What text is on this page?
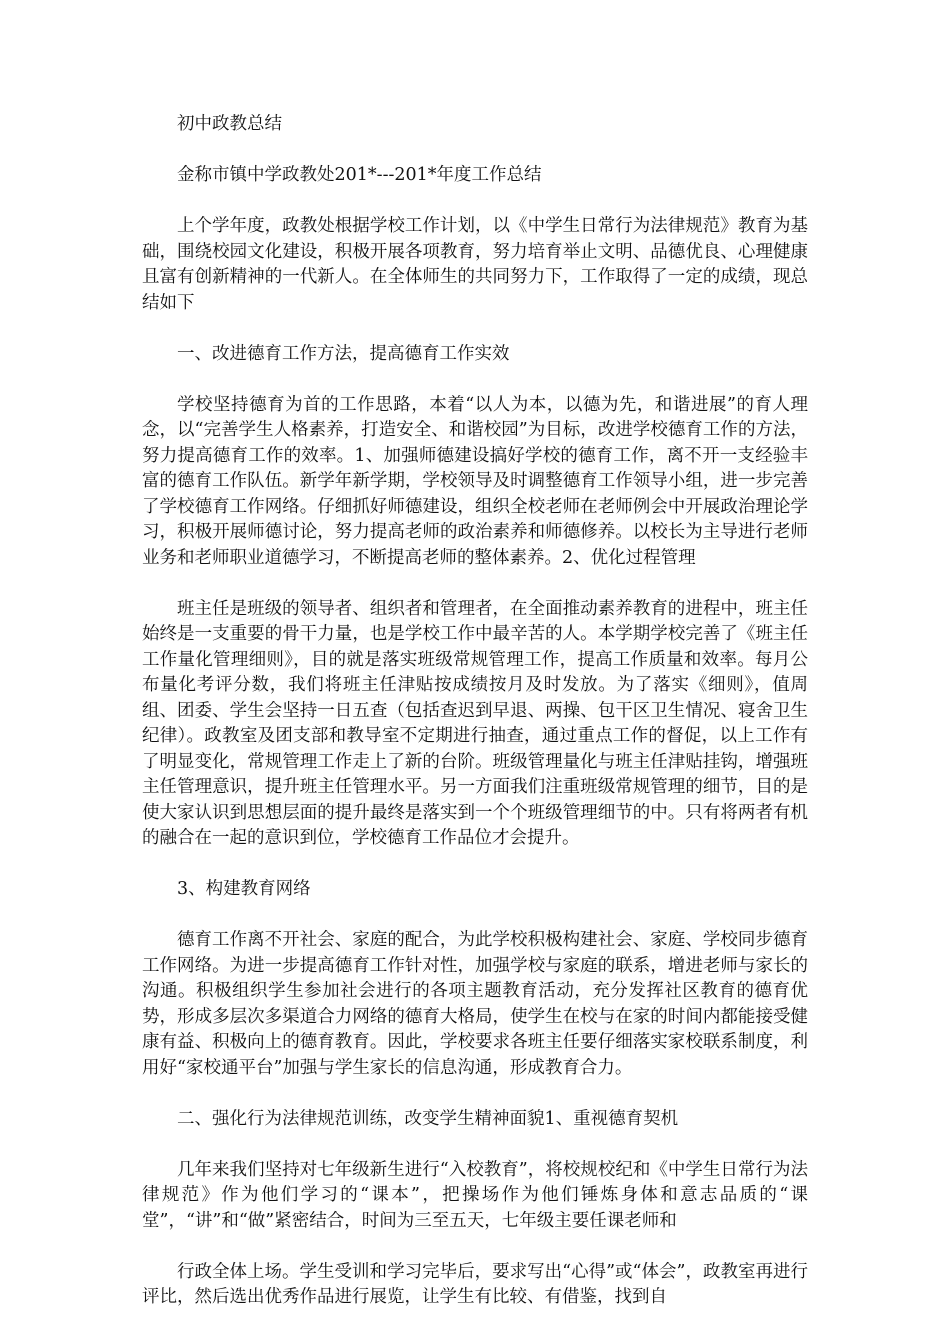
初中政教总结

金称市镇中学政教处201*---201*年度工作总结

上个学年度，政教处根据学校工作计划，以《中学生日常行为法律规范》教育为基础，围绕校园文化建设，积极开展各项教育，努力培育举止文明、品德优良、心理健康且富有创新精神的一代新人。在全体师生的共同努力下，工作取得了一定的成绩，现总结如下

一、改进德育工作方法，提高德育工作实效

学校坚持德育为首的工作思路，本着“以人为本，以德为先，和谐进展”的育人理念，以“完善学生人格素养，打造安全、和谐校园”为目标，改进学校德育工作的方法，努力提高德育工作的效率。1、加强师德建设搞好学校的德育工作，离不开一支经验丰富的德育工作队伍。新学年新学期，学校领导及时调整德育工作领导小组，进一步完善了学校德育工作网络。仔细抓好师德建设，组织全校老师在老师例会中开展政治理论学习，积极开展师德讨论，努力提高老师的政治素养和师德修养。以校长为主导进行老师业务和老师职业道德学习，不断提高老师的整体素养。2、优化过程管理

班主任是班级的领导者、组织者和管理者，在全面推动素养教育的进程中，班主任始终是一支重要的骨干力量，也是学校工作中最辛苦的人。本学期学校完善了《班主任工作量化管理细则》，目的就是落实班级常规管理工作，提高工作质量和效率。每月公布量化考评分数，我们将班主任津贴按成绩按月及时发放。为了落实《细则》，值周组、团委、学生会坚持一日五查（包括查迟到早退、两操、包干区卫生情况、寝舍卫生纪律）。政教室及团支部和教导室不定期进行抽查，通过重点工作的督促，以上工作有了明显变化，常规管理工作走上了新的台阶。班级管理量化与班主任津贴挂钩，增强班主任管理意识，提升班主任管理水平。另一方面我们注重班级常规管理的细节，目的是使大家认识到思想层面的提升最终是落实到一个个班级管理细节的中。只有将两者有机的融合在一起的意识到位，学校德育工作品位才会提升。

3、构建教育网络

德育工作离不开社会、家庭的配合，为此学校积极构建社会、家庭、学校同步德育工作网络。为进一步提高德育工作针对性，加强学校与家庭的联系，增进老师与家长的沟通。积极组织学生参加社会进行的各项主题教育活动，充分发挥社区教育的德育优势，形成多层次多渠道合力网络的德育大格局，使学生在校与在家的时间内都能接受健康有益、积极向上的德育教育。因此，学校要求各班主任要仔细落实家校联系制度，利用好“家校通平台”加强与学生家长的信息沟通，形成教育合力。

二、强化行为法律规范训练，改变学生精神面貌1、重视德育契机

几年来我们坚持对七年级新生进行“入校教育”，将校规校纪和《中学生日常行为法律规范》作为他们学习的“课本”，把操场作为他们锤炼身体和意志品质的“课堂”，“讲”和“做”紧密结合，时间为三至五天，七年级主要任课老师和

行政全体上场。学生受训和学习完毕后，要求写出“心得”或“体会”，政教室再进行评比，然后选出优秀作品进行展览，让学生有比较、有借鉴，找到自
